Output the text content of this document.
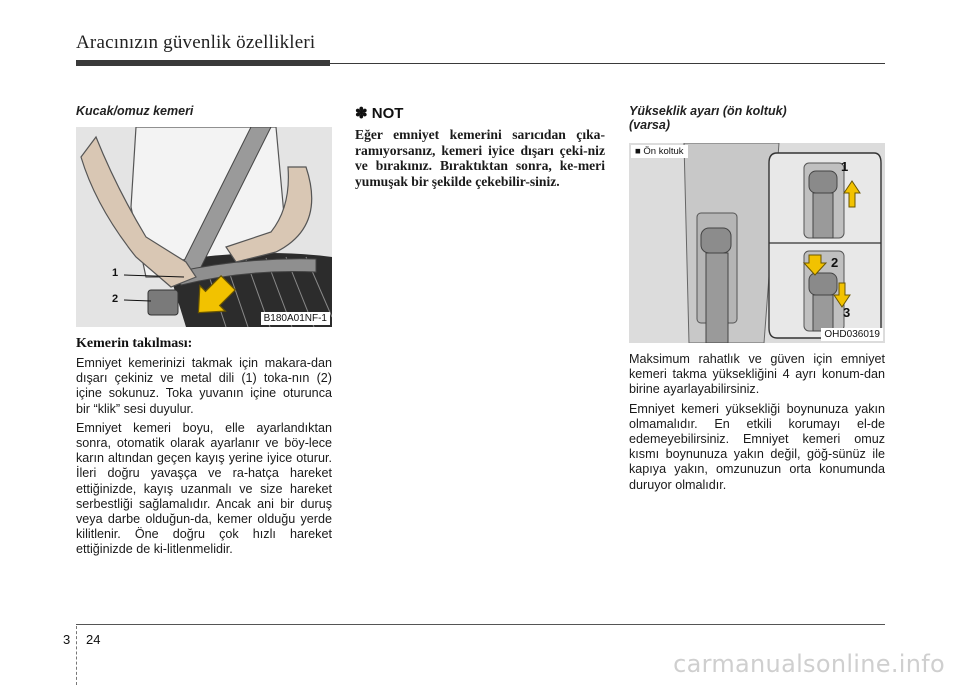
Aracınızın güvenlik özellikleri

Kucak/omuz kemeri

1
2
B180A01NF-1
Kemerin takılması:

Emniyet kemerinizi takmak için makara-dan dışarı çekiniz ve metal dili (1) toka-nın (2) içine sokunuz. Toka yuvanın içine oturunca bir “klik” sesi duyulur.

Emniyet kemeri boyu, elle ayarlandıktan sonra, otomatik olarak ayarlanır ve böy-lece karın altından geçen kayış yerine iyice oturur. İleri doğru yavaşça ve ra-hatça hareket ettiğinizde, kayış uzanmalı ve size hareket serbestliği sağlamalıdır. Ancak ani bir duruş veya darbe olduğun-da, kemer olduğu yerde kilitlenir. Öne doğru çok hızlı hareket ettiğinizde de ki-litlenmelidir.

✽ NOT

Eğer emniyet kemerini sarıcıdan çıka-ramıyorsanız, kemeri iyice dışarı çeki-niz ve bırakınız. Bıraktıktan sonra, ke-meri yumuşak bir şekilde çekebilir-siniz.

Yükseklik ayarı (ön koltuk)

(varsa)

■ Ön koltuk
1
2
3
OHD036019

Maksimum rahatlık ve güven için emniyet kemeri takma yüksekliğini 4 ayrı konum-dan birine ayarlayabilirsiniz.

Emniyet kemeri yüksekliği boynunuza yakın olmamalıdır. En etkili korumayı el-de edemeyebilirsiniz. Emniyet kemeri omuz kısmı boynunuza yakın değil, göğ-sünüz ile kapıya yakın, omzunuzun orta konumunda duruyor olmalıdır.

3 24
carmanualsonline.info
